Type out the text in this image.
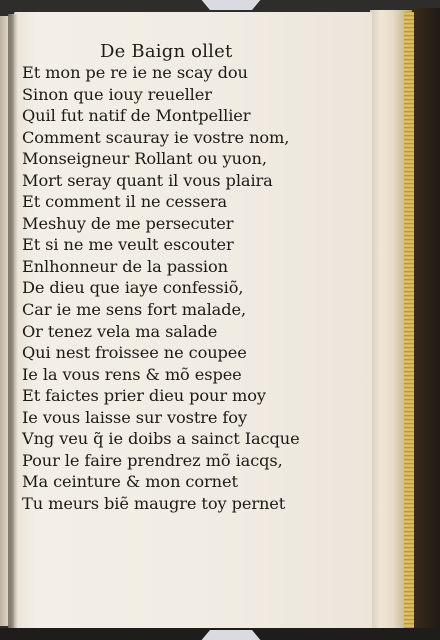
De Baign ollet
Et mon pe re ie ne scay dou
Sinon que iouy reueller
Quil fut natif de Montpellier
Comment scauray ie vostre nom,
Monseigneur Rollant ou yuon,
Mort seray quant il vous plaira
Et comment il ne cessera
Meshuy de me persecuter
Et si ne me veult escouter
Enlhonneur de la passion
De dieu que iaye confessiõ,
Car ie me sens fort malade,
Or tenez vela ma salade
Qui nest froissee ne coupee
Ie la vous rens & mõ espee
Et faictes prier dieu pour moy
Ie vous laisse sur vostre foy
Vng veu q̃ ie doibs a sainct Iacque
Pour le faire prendrez mõ iacqs,
Ma ceinture & mon cornet
Tu meurs biẽ maugre toy pernet
